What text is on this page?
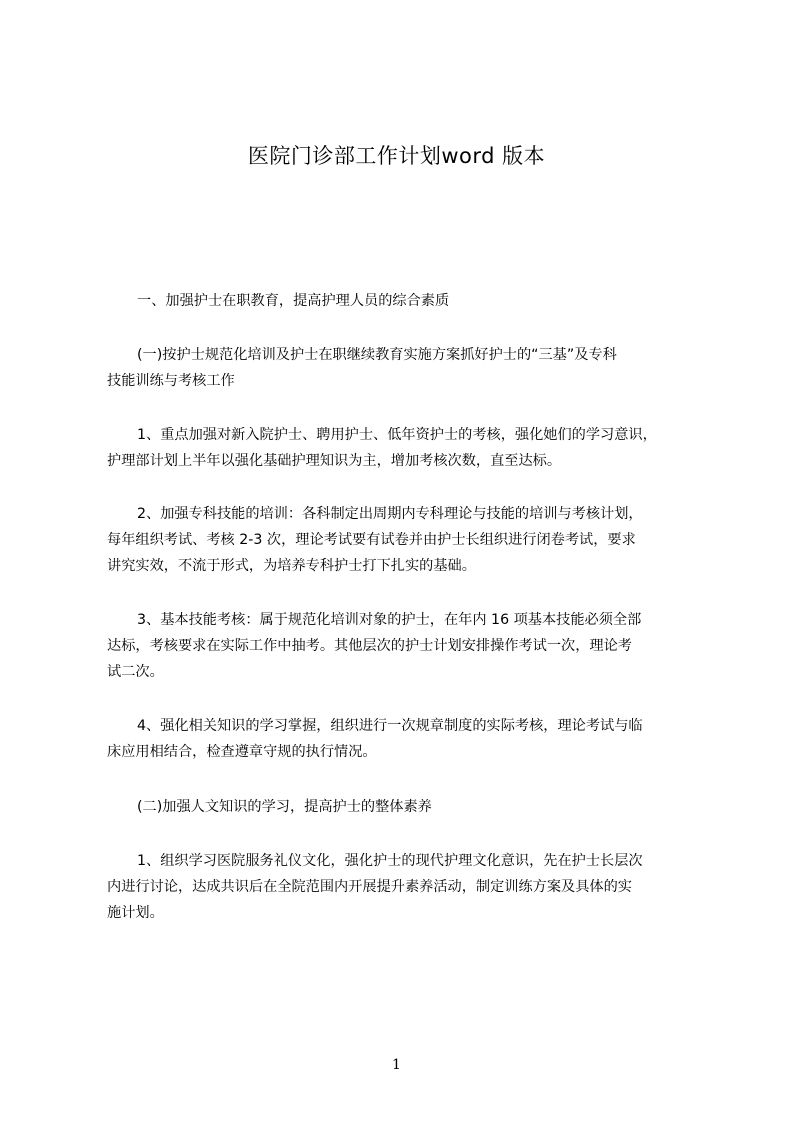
医院门诊部工作计划word 版本
一、加强护士在职教育，提高护理人员的综合素质
(一)按护士规范化培训及护士在职继续教育实施方案抓好护士的“三基”及专科
技能训练与考核工作
1、重点加强对新入院护士、聘用护士、低年资护士的考核，强化她们的学习意识，
护理部计划上半年以强化基础护理知识为主，增加考核次数，直至达标。
2、加强专科技能的培训：各科制定出周期内专科理论与技能的培训与考核计划，
每年组织考试、考核 2-3 次，理论考试要有试卷并由护士长组织进行闭卷考试，要求
讲究实效，不流于形式，为培养专科护士打下扎实的基础。
3、基本技能考核：属于规范化培训对象的护士，在年内 16 项基本技能必须全部
达标，考核要求在实际工作中抽考。其他层次的护士计划安排操作考试一次，理论考
试二次。
4、强化相关知识的学习掌握，组织进行一次规章制度的实际考核，理论考试与临
床应用相结合，检查遵章守规的执行情况。
(二)加强人文知识的学习，提高护士的整体素养
1、组织学习医院服务礼仪文化，强化护士的现代护理文化意识，先在护士长层次
内进行讨论，达成共识后在全院范围内开展提升素养活动，制定训练方案及具体的实
施计划。
1
